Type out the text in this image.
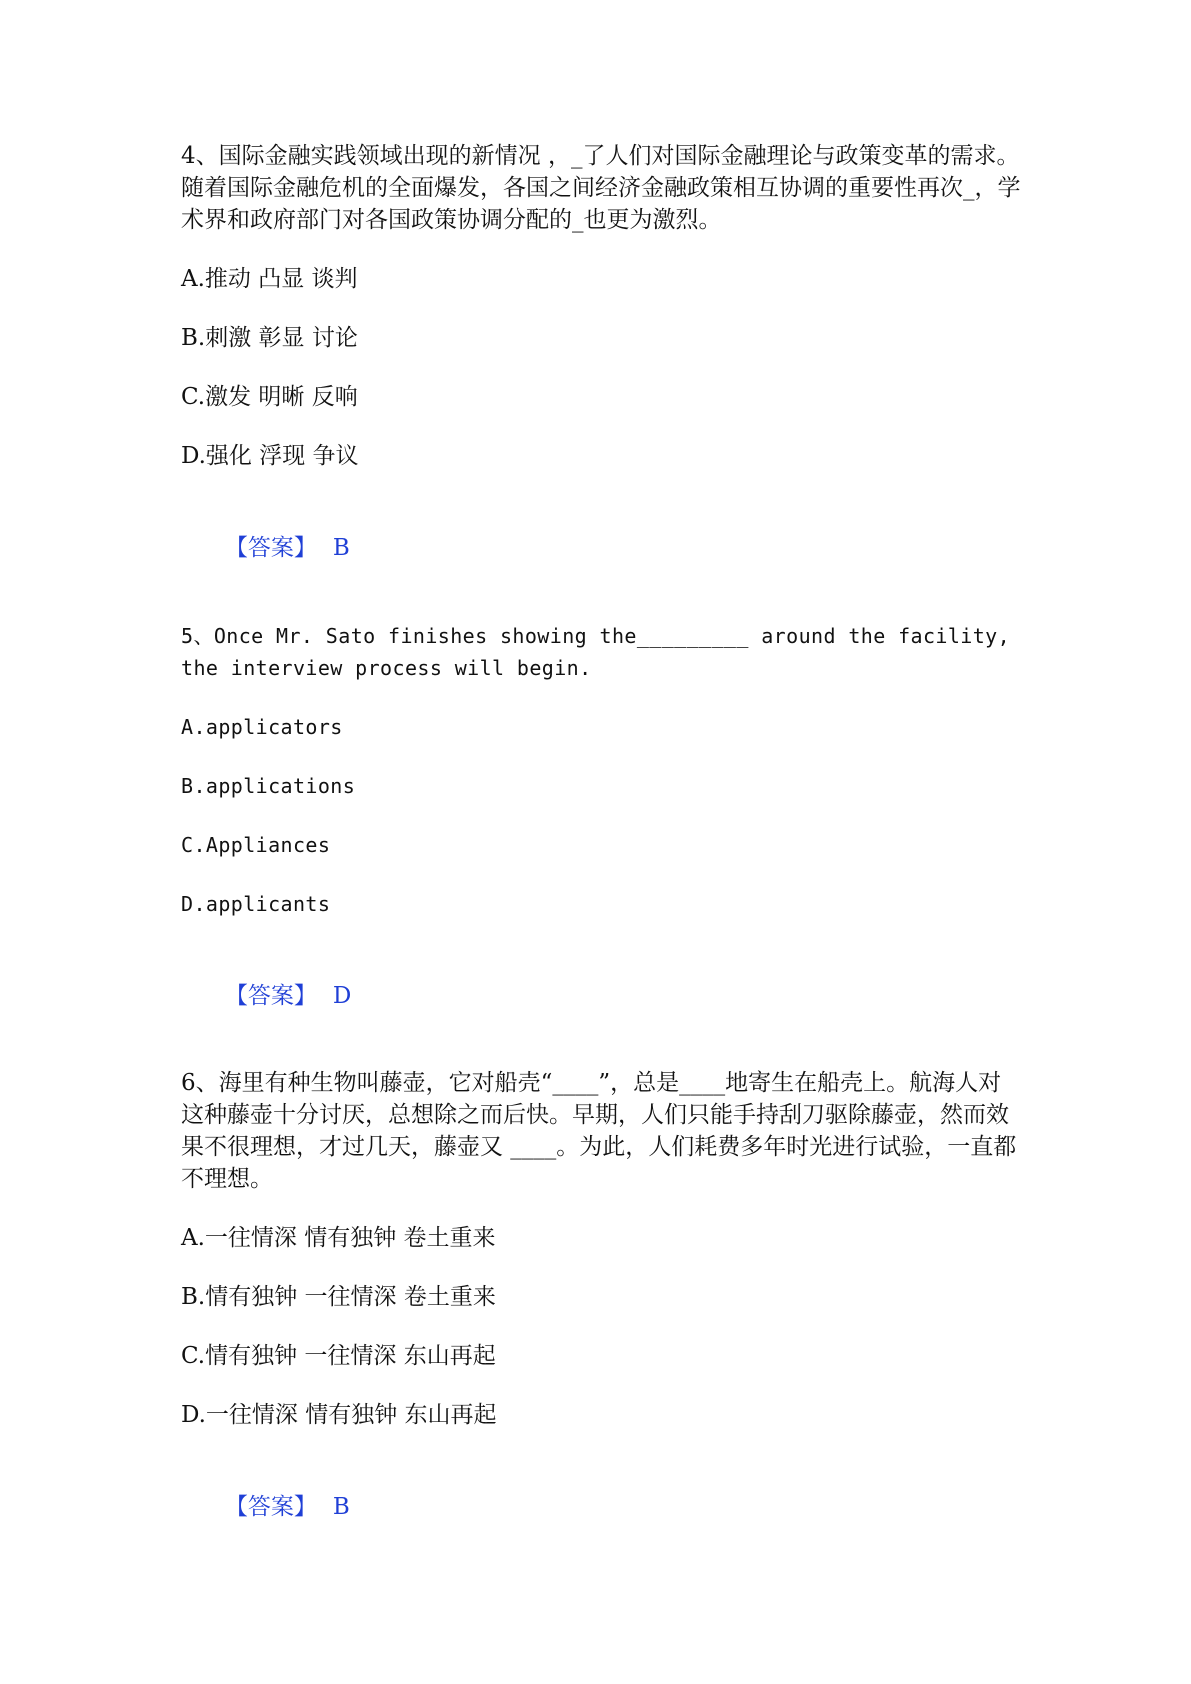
4、国际金融实践领域出现的新情况 ，_了人们对国际金融理论与政策变革的需求。随着国际金融危机的全面爆发，各国之间经济金融政策相互协调的重要性再次_，学术界和政府部门对各国政策协调分配的_也更为激烈。

A.推动 凸显 谈判

B.刺激 彰显 讨论

C.激发 明晰 反响

D.强化 浮现 争议

【答案】 B

5、Once Mr. Sato finishes showing the_________ around the facility, the interview process will begin.

A.applicators

B.applications

C.Appliances

D.applicants

【答案】 D

6、海里有种生物叫藤壶，它对船壳“____”，总是____地寄生在船壳上。航海人对这种藤壶十分讨厌，总想除之而后快。早期，人们只能手持刮刀驱除藤壶，然而效果不很理想，才过几天，藤壶又 ____。为此，人们耗费多年时光进行试验，一直都不理想。

A.一往情深 情有独钟 卷土重来

B.情有独钟 一往情深 卷土重来

C.情有独钟 一往情深 东山再起

D.一往情深 情有独钟 东山再起

【答案】 B
